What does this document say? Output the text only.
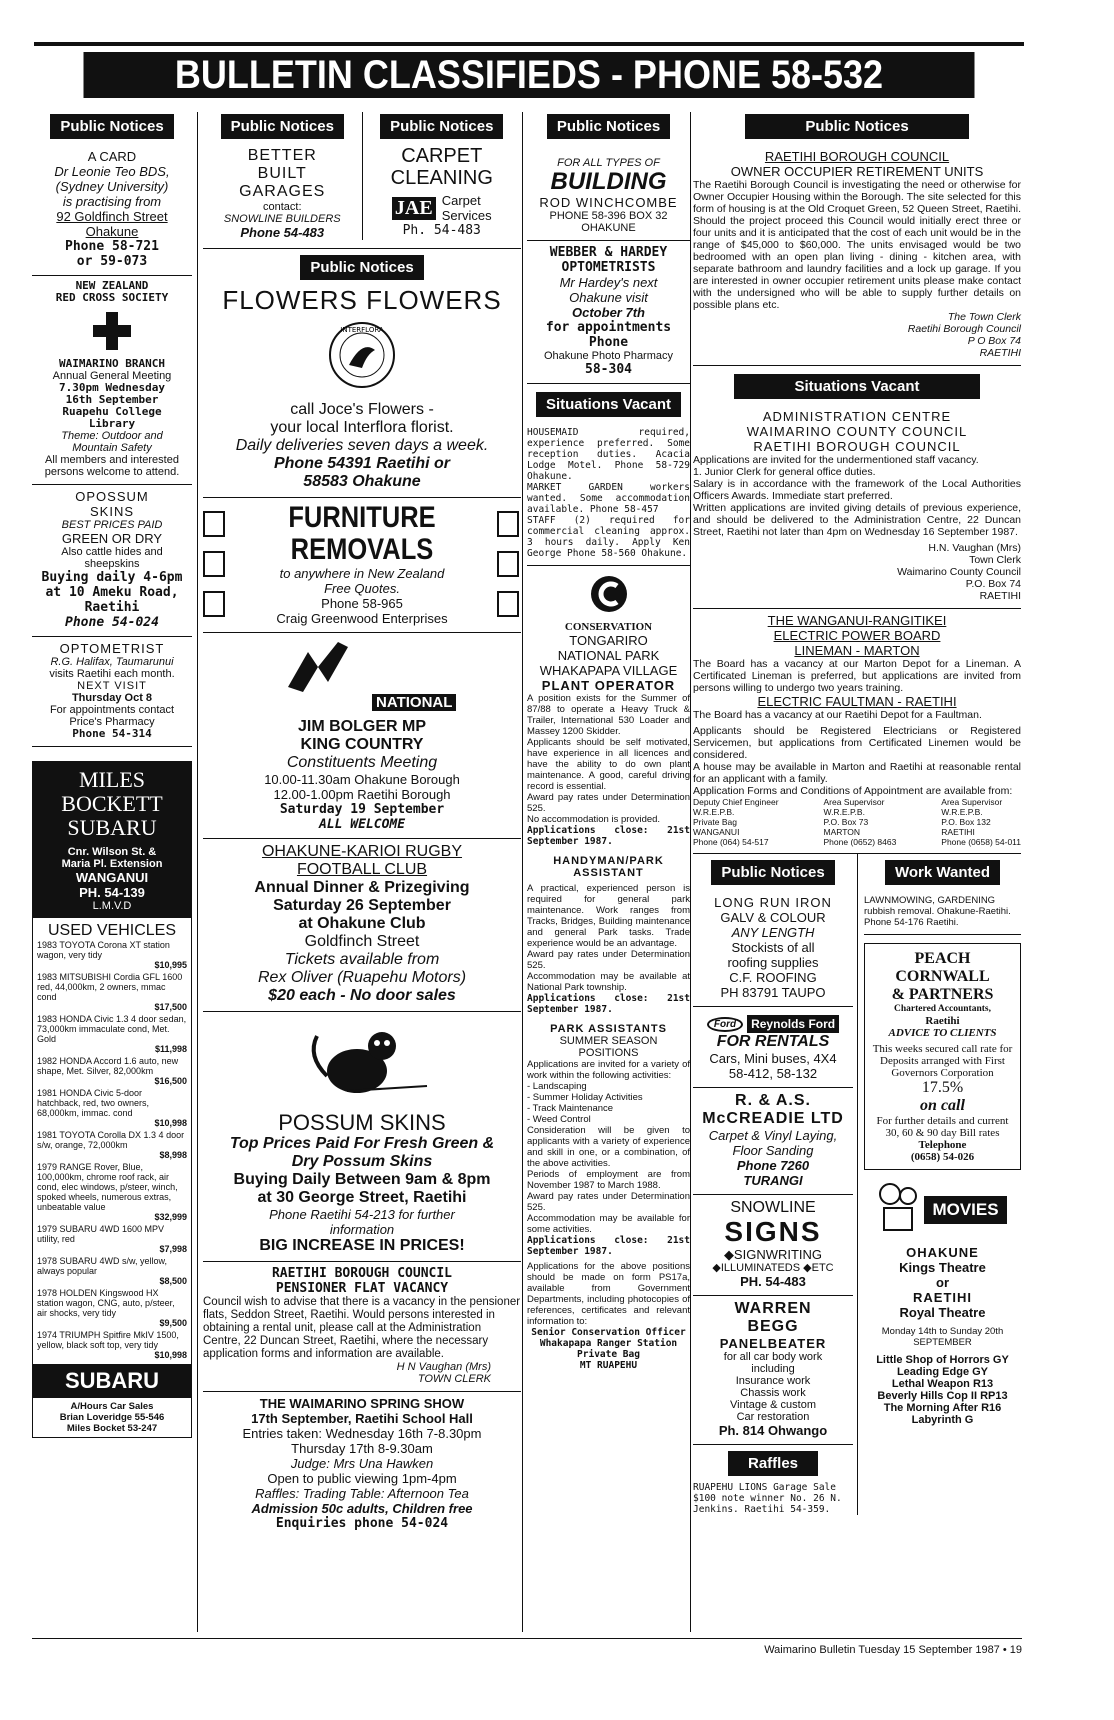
BULLETIN CLASSIFIEDS - PHONE 58-532
Public Notices
A CARD
Dr Leonie Teo BDS,
(Sydney University)
is practising from
92 Goldfinch Street
Ohakune
Phone 58-721
or 59-073
NEW ZEALAND
RED CROSS SOCIETY
WAIMARINO BRANCH
Annual General Meeting
7.30pm Wednesday
16th September
Ruapehu College
Library
Theme: Outdoor and
Mountain Safety
All members and interested
persons welcome to attend.
OPOSSUM
SKINS
BEST PRICES PAID
GREEN OR DRY
Also cattle hides and
sheepskins
Buying daily 4-6pm
at 10 Ameku Road,
Raetihi
Phone 54-024
OPTOMETRIST
R.G. Halifax, Taumarunui
visits Raetihi each month.
NEXT VISIT
Thursday Oct 8
For appointments contact
Price's Pharmacy
Phone 54-314
MILES
BOCKETT
SUBARU
Cnr. Wilson St. &
Maria Pl. Extension
WANGANUI
PH. 54-139
L.M.V.D
USED VEHICLES
1983 TOYOTA Corona XT station wagon, very tidy
$10,995
1983 MITSUBISHI Cordia GFL 1600 red, 44,000km, 2 owners, mmac cond
$17,500
1983 HONDA Civic 1.3 4 door sedan, 73,000km immaculate cond, Met. Gold
$11,998
1982 HONDA Accord 1.6 auto, new shape, Met. Silver, 82,000km
$16,500
1981 HONDA Civic 5-door hatchback, red, two owners, 68,000km, immac. cond
$10,998
1981 TOYOTA Corolla DX 1.3 4 door s/w, orange, 72,000km
$8,998
1979 RANGE Rover, Blue, 100,000km, chrome roof rack, air cond, elec windows, p/steer, winch, spoked wheels, numerous extras, unbeatable value
$32,999
1979 SUBARU 4WD 1600 MPV utility, red
$7,998
1978 SUBARU 4WD s/w, yellow, always popular
$8,500
1978 HOLDEN Kingswood HX station wagon, CNG, auto, p/steer, air shocks, very tidy
$9,500
1974 TRIUMPH Spitfire MkIV 1500, yellow, black soft top, very tidy
$10,998
SUBARU
A/Hours Car Sales
Brian Loveridge 55-546
Miles Bocket 53-247
Public Notices
BETTER
BUILT
GARAGES
contact:
SNOWLINE BUILDERS
Phone 54-483
Public Notices
CARPET
CLEANING
JAE Carpet
Services
Ph. 54-483
Public Notices
FLOWERS FLOWERS
INTERFLORA
call Joce's Flowers -
your local Interflora florist.
Daily deliveries seven days a week.
Phone 54391 Raetihi or
58583 Ohakune
FURNITURE
REMOVALS
to anywhere in New Zealand
Free Quotes.
Phone 58-965
Craig Greenwood Enterprises
NATIONAL
JIM BOLGER MP
KING COUNTRY
Constituents Meeting
10.00-11.30am Ohakune Borough
12.00-1.00pm Raetihi Borough
Saturday 19 September
ALL WELCOME
OHAKUNE-KARIOI RUGBY
FOOTBALL CLUB
Annual Dinner & Prizegiving
Saturday 26 September
at Ohakune Club
Goldfinch Street
Tickets available from
Rex Oliver (Ruapehu Motors)
$20 each - No door sales
POSSUM SKINS
Top Prices Paid For Fresh Green &
Dry Possum Skins
Buying Daily Between 9am & 8pm
at 30 George Street, Raetihi
Phone Raetihi 54-213 for further
information
BIG INCREASE IN PRICES!
RAETIHI BOROUGH COUNCIL
PENSIONER FLAT VACANCY
Council wish to advise that there is a vacancy in the pensioner flats, Seddon Street, Raetihi. Would persons interested in obtaining a rental unit, please call at the Administration Centre, 22 Duncan Street, Raetihi, where the necessary application forms and information are available.
H N Vaughan (Mrs)
TOWN CLERK
THE WAIMARINO SPRING SHOW
17th September, Raetihi School Hall
Entries taken: Wednesday 16th 7-8.30pm
Thursday 17th 8-9.30am
Judge: Mrs Una Hawken
Open to public viewing 1pm-4pm
Raffles: Trading Table: Afternoon Tea
Admission 50c adults, Children free
Enquiries phone 54-024
Public Notices
FOR ALL TYPES OF
BUILDING
ROD WINCHCOMBE
PHONE 58-396 BOX 32
OHAKUNE
WEBBER & HARDEY
OPTOMETRISTS
Mr Hardey's next
Ohakune visit
October 7th
for appointments
Phone
Ohakune Photo Pharmacy
58-304
Situations Vacant
HOUSEMAID required, experience preferred. Some reception duties. Acacia Lodge Motel. Phone 58-729 Ohakune.
MARKET GARDEN workers wanted. Some accommodation available. Phone 58-457
STAFF (2) required for commercial cleaning approx. 3 hours daily. Apply Ken George Phone 58-560 Ohakune.
CONSERVATION
TONGARIRO
NATIONAL PARK
WHAKAPAPA VILLAGE
PLANT OPERATOR
A position exists for the Summer of 87/88 to operate a Heavy Truck & Trailer, International 530 Loader and Massey 1200 Skidder.
Applicants should be self motivated, have experience in all licences and have the ability to do own plant maintenance. A good, careful driving record is essential.
Award pay rates under Determination 525.
No accommodation is provided.
Applications close: 21st September 1987.
HANDYMAN/PARK
ASSISTANT
A practical, experienced person is required for general park maintenance. Work ranges from Tracks, Bridges, Building maintenance and general Park tasks. Trade experience would be an advantage.
Award pay rates under Determination 525.
Accommodation may be available at National Park township.
Applications close: 21st September 1987.
PARK ASSISTANTS
SUMMER SEASON
POSITIONS
Applications are invited for a variety of work within the following activities:
- Landscaping
- Summer Holiday Activities
- Track Maintenance
- Weed Control
Consideration will be given to applicants with a variety of experience and skill in one, or a combination, of the above activities.
Periods of employment are from November 1987 to March 1988.
Award pay rates under Determination 525.
Accommodation may be available for some activities.
Applications close: 21st September 1987.
Applications for the above positions should be made on form PS17a, available from Government Departments, including photocopies of references, certificates and relevant information to:
Senior Conservation Officer
Whakapapa Ranger Station
Private Bag
MT RUAPEHU
Public Notices
RAETIHI BOROUGH COUNCIL
OWNER OCCUPIER RETIREMENT UNITS
The Raetihi Borough Council is investigating the need or otherwise for Owner Occupier Housing within the Borough. The site selected for this form of housing is at the Old Croquet Green, 52 Queen Street, Raetihi. Should the project proceed this Council would initially erect three or four units and it is anticipated that the cost of each unit would be in the range of $45,000 to $60,000. The units envisaged would be two bedroomed with an open plan living - dining - kitchen area, with separate bathroom and laundry facilities and a lock up garage. If you are interested in owner occupier retirement units please make contact with the undersigned who will be able to supply further details on possible plans etc.
The Town Clerk
Raetihi Borough Council
P O Box 74
RAETIHI
Situations Vacant
ADMINISTRATION CENTRE
WAIMARINO COUNTY COUNCIL
RAETIHI BOROUGH COUNCIL
Applications are invited for the undermentioned staff vacancy.
1. Junior Clerk for general office duties.
Salary is in accordance with the framework of the Local Authorities Officers Awards. Immediate start preferred.
Written applications are invited giving details of previous experience, and should be delivered to the Administration Centre, 22 Duncan Street, Raetihi not later than 4pm on Wednesday 16 September 1987.
H.N. Vaughan (Mrs)
Town Clerk
Waimarino County Council
P.O. Box 74
RAETIHI
THE WANGANUI-RANGITIKEI
ELECTRIC POWER BOARD
LINEMAN - MARTON
The Board has a vacancy at our Marton Depot for a Lineman. A Certificated Lineman is preferred, but applications are invited from persons willing to undergo two years training.
ELECTRIC FAULTMAN - RAETIHI
The Board has a vacancy at our Raetihi Depot for a Faultman.
Applicants should be Registered Electricians or Registered Servicemen, but applications from Certificated Linemen would be considered.
A house may be available in Marton and Raetihi at reasonable rental for an applicant with a family.
Application Forms and Conditions of Appointment are available from:
Deputy Chief Engineer
W.R.E.P.B.
Private Bag
WANGANUI
Phone (064) 54-517
Area Supervisor
W.R.E.P.B.
P.O. Box 73
MARTON
Phone (0652) 8463
Area Supervisor
W.R.E.P.B.
P.O. Box 132
RAETIHI
Phone (0658) 54-011
Public Notices
LONG RUN IRON
GALV & COLOUR
ANY LENGTH
Stockists of all
roofing supplies
C.F. ROOFING
PH 83791 TAUPO
Ford	Reynolds Ford
FOR RENTALS
Cars, Mini buses, 4X4
58-412, 58-132
R. & A.S.
McCREADIE LTD
Carpet & Vinyl Laying,
Floor Sanding
Phone 7260
TURANGI
SNOWLINE
SIGNS
◆SIGNWRITING
◆ILLUMINATEDS ◆ETC
PH. 54-483
WARREN
BEGG
PANELBEATER
for all car body work
including
Insurance work
Chassis work
Vintage & custom
Car restoration
Ph. 814 Ohwango
Raffles
RUAPEHU LIONS Garage Sale $100 note winner No. 26 N. Jenkins. Raetihi 54-359.
Work Wanted
LAWNMOWING, GARDENING rubbish removal. Ohakune-Raetihi. Phone 54-176 Raetihi.
PEACH
CORNWALL
& PARTNERS
Chartered Accountants,
Raetihi
ADVICE TO CLIENTS
This weeks secured call rate for Deposits arranged with First Governors Corporation
17.5%
on call
For further details and current 30, 60 & 90 day Bill rates
Telephone
(0658) 54-026
MOVIES
OHAKUNE
Kings Theatre
or
RAETIHI
Royal Theatre
Monday 14th to Sunday 20th
SEPTEMBER
Little Shop of Horrors GY
Leading Edge GY
Lethal Weapon R13
Beverly Hills Cop II RP13
The Morning After R16
Labyrinth G
Waimarino Bulletin Tuesday 15 September 1987 • 19
